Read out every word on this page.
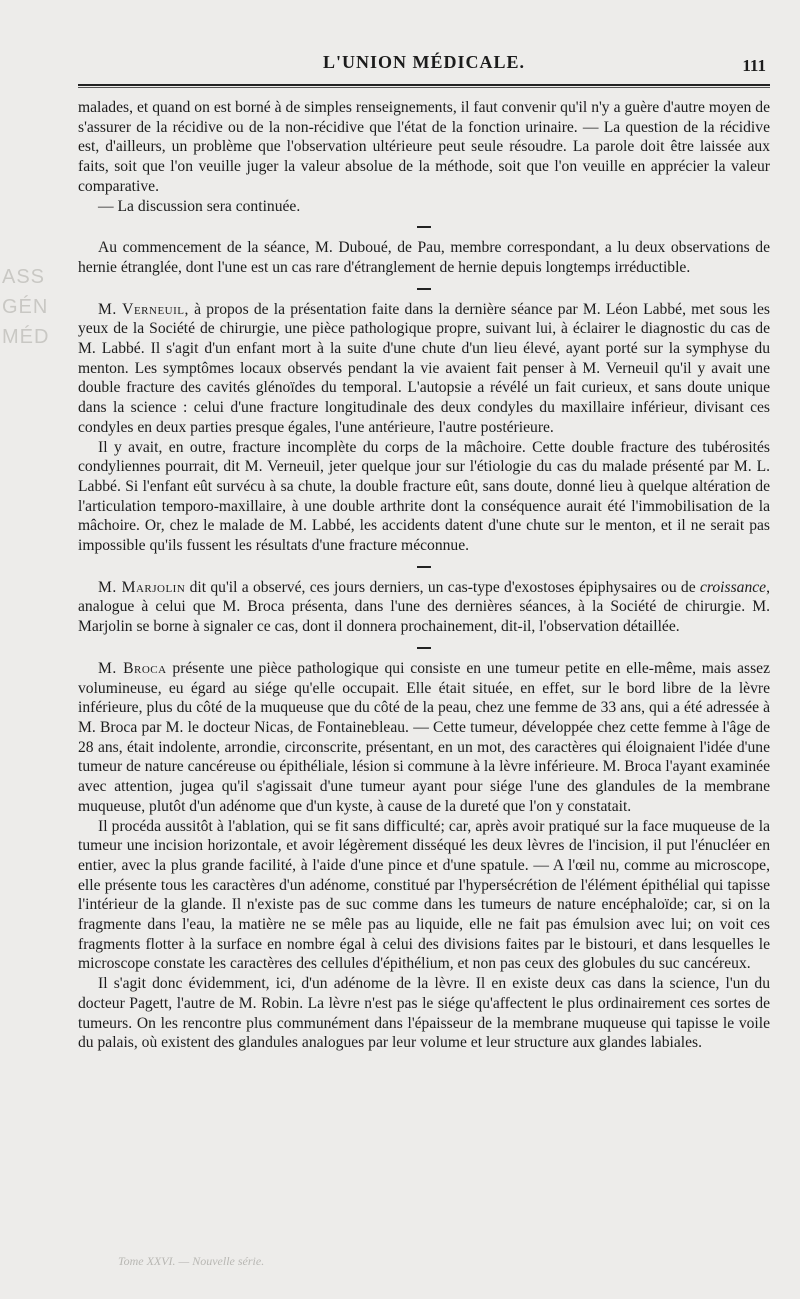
ASS
GÉN
MÉD
L'UNION MÉDICALE.	111

malades, et quand on est borné à de simples renseignements, il faut convenir qu'il n'y a guère d'autre moyen de s'assurer de la récidive ou de la non-récidive que l'état de la fonction urinaire. — La question de la récidive est, d'ailleurs, un problème que l'observation ultérieure peut seule résoudre. La parole doit être laissée aux faits, soit que l'on veuille juger la valeur absolue de la méthode, soit que l'on veuille en apprécier la valeur comparative.

— La discussion sera continuée.

Au commencement de la séance, M. Duboué, de Pau, membre correspondant, a lu deux observations de hernie étranglée, dont l'une est un cas rare d'étranglement de hernie depuis longtemps irréductible.

M. Verneuil, à propos de la présentation faite dans la dernière séance par M. Léon Labbé, met sous les yeux de la Société de chirurgie, une pièce pathologique propre, suivant lui, à éclairer le diagnostic du cas de M. Labbé. Il s'agit d'un enfant mort à la suite d'une chute d'un lieu élevé, ayant porté sur la symphyse du menton. Les symptômes locaux observés pendant la vie avaient fait penser à M. Verneuil qu'il y avait une double fracture des cavités glénoïdes du temporal. L'autopsie a révélé un fait curieux, et sans doute unique dans la science : celui d'une fracture longitudinale des deux condyles du maxillaire inférieur, divisant ces condyles en deux parties presque égales, l'une antérieure, l'autre postérieure.

Il y avait, en outre, fracture incomplète du corps de la mâchoire. Cette double fracture des tubérosités condyliennes pourrait, dit M. Verneuil, jeter quelque jour sur l'étiologie du cas du malade présenté par M. L. Labbé. Si l'enfant eût survécu à sa chute, la double fracture eût, sans doute, donné lieu à quelque altération de l'articulation temporo-maxillaire, à une double arthrite dont la conséquence aurait été l'immobilisation de la mâchoire. Or, chez le malade de M. Labbé, les accidents datent d'une chute sur le menton, et il ne serait pas impossible qu'ils fussent les résultats d'une fracture méconnue.

M. Marjolin dit qu'il a observé, ces jours derniers, un cas-type d'exostoses épiphysaires ou de croissance, analogue à celui que M. Broca présenta, dans l'une des dernières séances, à la Société de chirurgie. M. Marjolin se borne à signaler ce cas, dont il donnera prochainement, dit-il, l'observation détaillée.

M. Broca présente une pièce pathologique qui consiste en une tumeur petite en elle-même, mais assez volumineuse, eu égard au siége qu'elle occupait. Elle était située, en effet, sur le bord libre de la lèvre inférieure, plus du côté de la muqueuse que du côté de la peau, chez une femme de 33 ans, qui a été adressée à M. Broca par M. le docteur Nicas, de Fontainebleau. — Cette tumeur, développée chez cette femme à l'âge de 28 ans, était indolente, arrondie, circonscrite, présentant, en un mot, des caractères qui éloignaient l'idée d'une tumeur de nature cancéreuse ou épithéliale, lésion si commune à la lèvre inférieure. M. Broca l'ayant examinée avec attention, jugea qu'il s'agissait d'une tumeur ayant pour siége l'une des glandules de la membrane muqueuse, plutôt d'un adénome que d'un kyste, à cause de la dureté que l'on y constatait.

Il procéda aussitôt à l'ablation, qui se fit sans difficulté; car, après avoir pratiqué sur la face muqueuse de la tumeur une incision horizontale, et avoir légèrement disséqué les deux lèvres de l'incision, il put l'énucléer en entier, avec la plus grande facilité, à l'aide d'une pince et d'une spatule. — A l'œil nu, comme au microscope, elle présente tous les caractères d'un adénome, constitué par l'hypersécrétion de l'élément épithélial qui tapisse l'intérieur de la glande. Il n'existe pas de suc comme dans les tumeurs de nature encéphaloïde; car, si on la fragmente dans l'eau, la matière ne se mêle pas au liquide, elle ne fait pas émulsion avec lui; on voit ces fragments flotter à la surface en nombre égal à celui des divisions faites par le bistouri, et dans lesquelles le microscope constate les caractères des cellules d'épithélium, et non pas ceux des globules du suc cancéreux.

Il s'agit donc évidemment, ici, d'un adénome de la lèvre. Il en existe deux cas dans la science, l'un du docteur Pagett, l'autre de M. Robin. La lèvre n'est pas le siége qu'affectent le plus ordinairement ces sortes de tumeurs. On les rencontre plus communément dans l'épaisseur de la membrane muqueuse qui tapisse le voile du palais, où existent des glandules analogues par leur volume et leur structure aux glandes labiales.

Tome XXVI. — Nouvelle série.
